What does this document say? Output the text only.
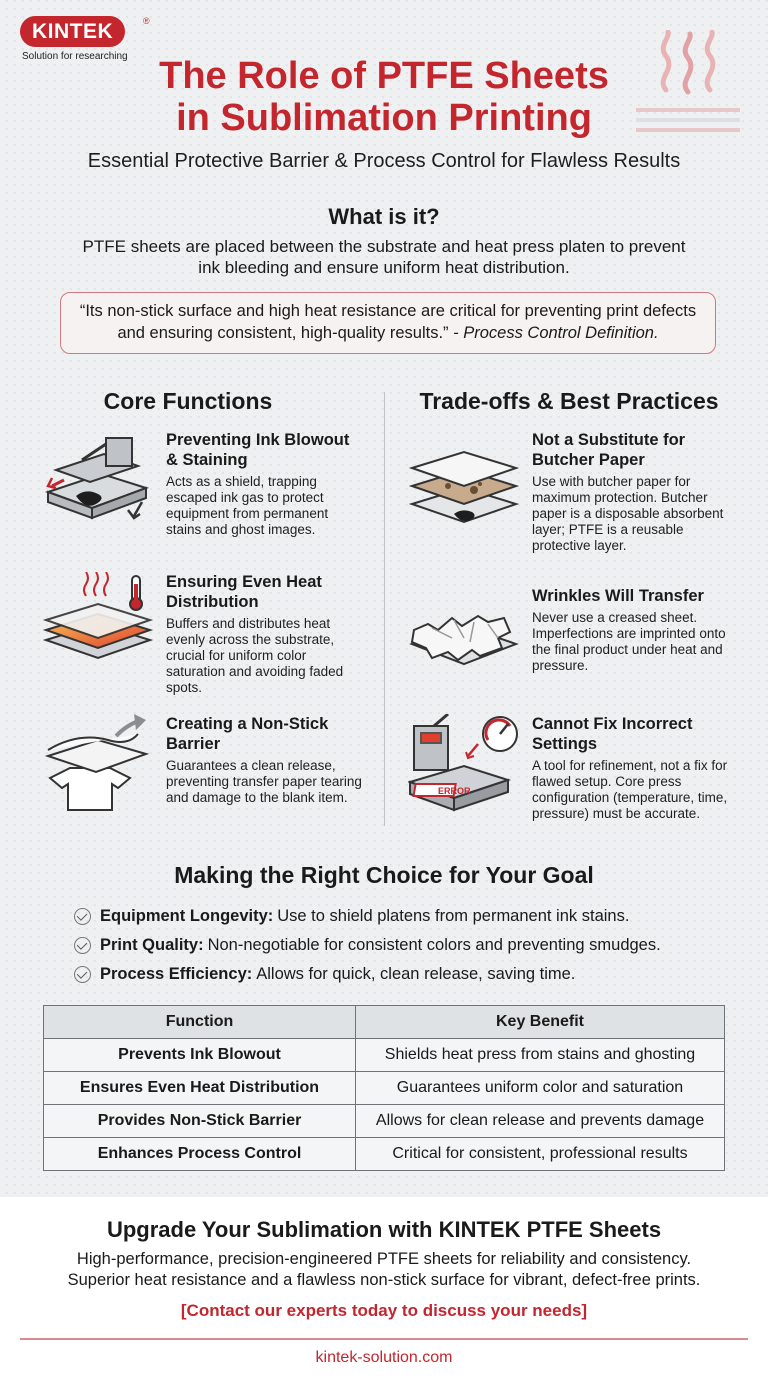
KINTEK	®
Solution for researching The Role of PTFE Sheets
in Sublimation Printing
Essential Protective Barrier & Process Control for Flawless Results
What is it?

PTFE sheets are placed between the substrate and heat press platen to prevent ink bleeding and ensure uniform heat distribution.

“Its non-stick surface and high heat resistance are critical for preventing print defects and ensuring consistent, high-quality results.” - Process Control Definition.
Core Functions	Trade-offs & Best Practices
Preventing Ink Blowout & Staining

Acts as a shield, trapping escaped ink gas to protect equipment from permanent stains and ghost images.

Ensuring Even Heat Distribution

Buffers and distributes heat evenly across the substrate, crucial for uniform color saturation and avoiding faded spots.

Creating a Non-Stick Barrier

Guarantees a clean release, preventing transfer paper tearing and damage to the blank item.

Not a Substitute for Butcher Paper

Use with butcher paper for maximum protection. Butcher paper is a disposable absorbent layer; PTFE is a reusable protective layer.

Wrinkles Will Transfer

Never use a creased sheet. Imperfections are imprinted onto the final product under heat and pressure.

ERROR
Cannot Fix Incorrect Settings

A tool for refinement, not a fix for flawed setup. Core press configuration (temperature, time, pressure) must be accurate.

Making the Right Choice for Your Goal
Equipment Longevity: Use to shield platens from permanent ink stains.
Print Quality: Non-negotiable for consistent colors and preventing smudges.
Process Efficiency: Allows for quick, clean release, saving time.
Function	Key Benefit
Prevents Ink Blowout	Shields heat press from stains and ghosting
Ensures Even Heat Distribution	Guarantees uniform color and saturation
Provides Non-Stick Barrier	Allows for clean release and prevents damage
Enhances Process Control	Critical for consistent, professional results
Upgrade Your Sublimation with KINTEK PTFE Sheets
High-performance, precision-engineered PTFE sheets for reliability and consistency.
Superior heat resistance and a flawless non-stick surface for vibrant, defect-free prints.
[Contact our experts today to discuss your needs]
kintek-solution.com
